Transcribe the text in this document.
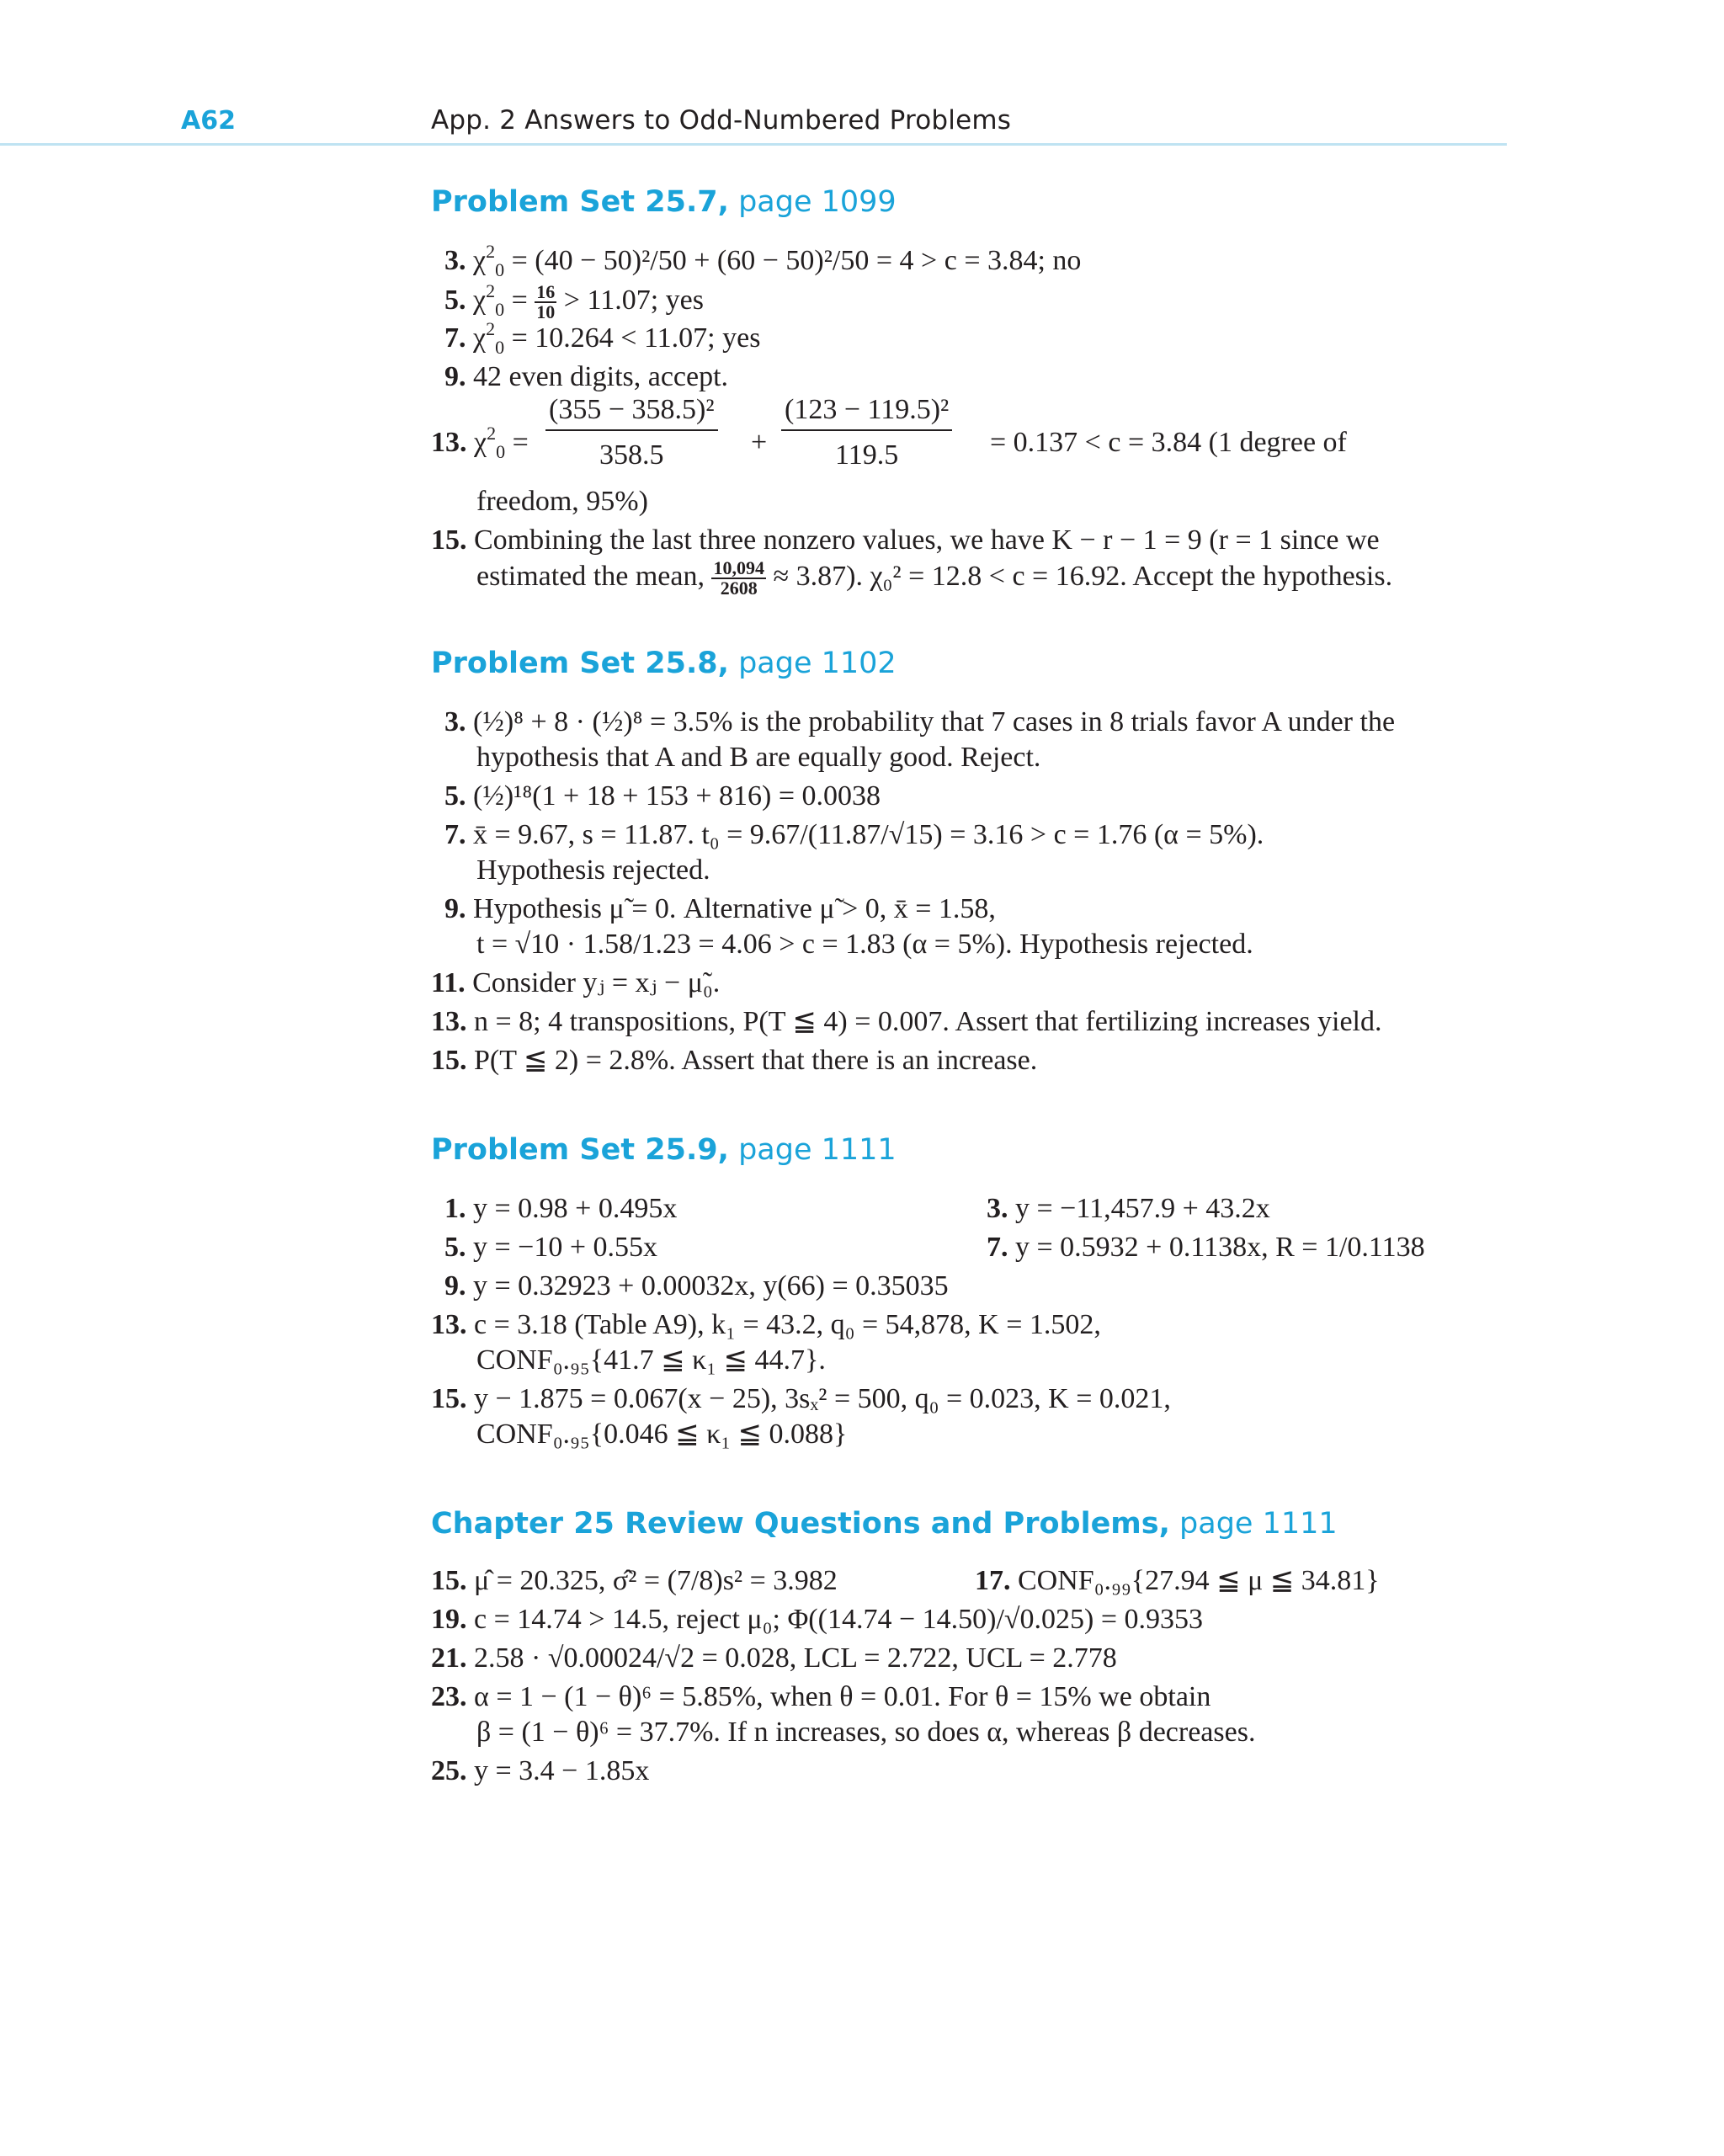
A62	App. 2 Answers to Odd-Numbered Problems
Problem Set 25.7, page 1099
3. $\chi^2_0 = (40 - 50)^2/50 + (60 - 50)^2/50 = 4 > c = 3.84$; no
5. $\chi^2_0 = \frac{16}{10} > 11.07$; yes
7. $\chi^2_0 = 10.264 < 11.07$; yes
9. 42 even digits, accept.
13. $\chi^2_0$ =
(355 − 358.5)²
358.5	+
(123 − 119.5)²
119.5	= 0.137 < c = 3.84 (1 degree of
freedom, 95%)
15. Combining the last three nonzero values, we have K − r − 1 = 9 (r = 1 since we
estimated the mean, $\frac{10,094}{2608} \approx 3.87$). χ₀² = 12.8 < c = 16.92. Accept the hypothesis.
Problem Set 25.8, page 1102
3. (½)⁸ + 8 · (½)⁸ = 3.5% is the probability that 7 cases in 8 trials favor A under the
hypothesis that A and B are equally good. Reject.
5. (½)¹⁸(1 + 18 + 153 + 816) = 0.0038
7. x̄ = 9.67, s = 11.87. t₀ = 9.67/(11.87/√15) = 3.16 > c = 1.76 (α = 5%).
Hypothesis rejected.
9. Hypothesis μ̃ = 0. Alternative μ̃ > 0, x̄ = 1.58,
t = √10 · 1.58/1.23 = 4.06 > c = 1.83 (α = 5%). Hypothesis rejected.
11. Consider yⱼ = xⱼ − μ̃₀.
13. n = 8; 4 transpositions, P(T ≦ 4) = 0.007. Assert that fertilizing increases yield.
15. P(T ≦ 2) = 2.8%. Assert that there is an increase.
Problem Set 25.9, page 1111
1. y = 0.98 + 0.495x	3. y = −11,457.9 + 43.2x
5. y = −10 + 0.55x	7. y = 0.5932 + 0.1138x, R = 1/0.1138
9. y = 0.32923 + 0.00032x, y(66) = 0.35035
13. c = 3.18 (Table A9), k₁ = 43.2, q₀ = 54,878, K = 1.502,
CONF₀.₉₅{41.7 ≦ κ₁ ≦ 44.7}.
15. y − 1.875 = 0.067(x − 25), 3sₓ² = 500, q₀ = 0.023, K = 0.021,
CONF₀.₉₅{0.046 ≦ κ₁ ≦ 0.088}
Chapter 25 Review Questions and Problems, page 1111
15. μ̂ = 20.325, σ̂² = (7/8)s² = 3.982	17. CONF₀.₉₉{27.94 ≦ μ ≦ 34.81}
19. c = 14.74 > 14.5, reject μ₀; Φ((14.74 − 14.50)/√0.025) = 0.9353
21. 2.58 · √0.00024/√2 = 0.028, LCL = 2.722, UCL = 2.778
23. α = 1 − (1 − θ)⁶ = 5.85%, when θ = 0.01. For θ = 15% we obtain
β = (1 − θ)⁶ = 37.7%. If n increases, so does α, whereas β decreases.
25. y = 3.4 − 1.85x
